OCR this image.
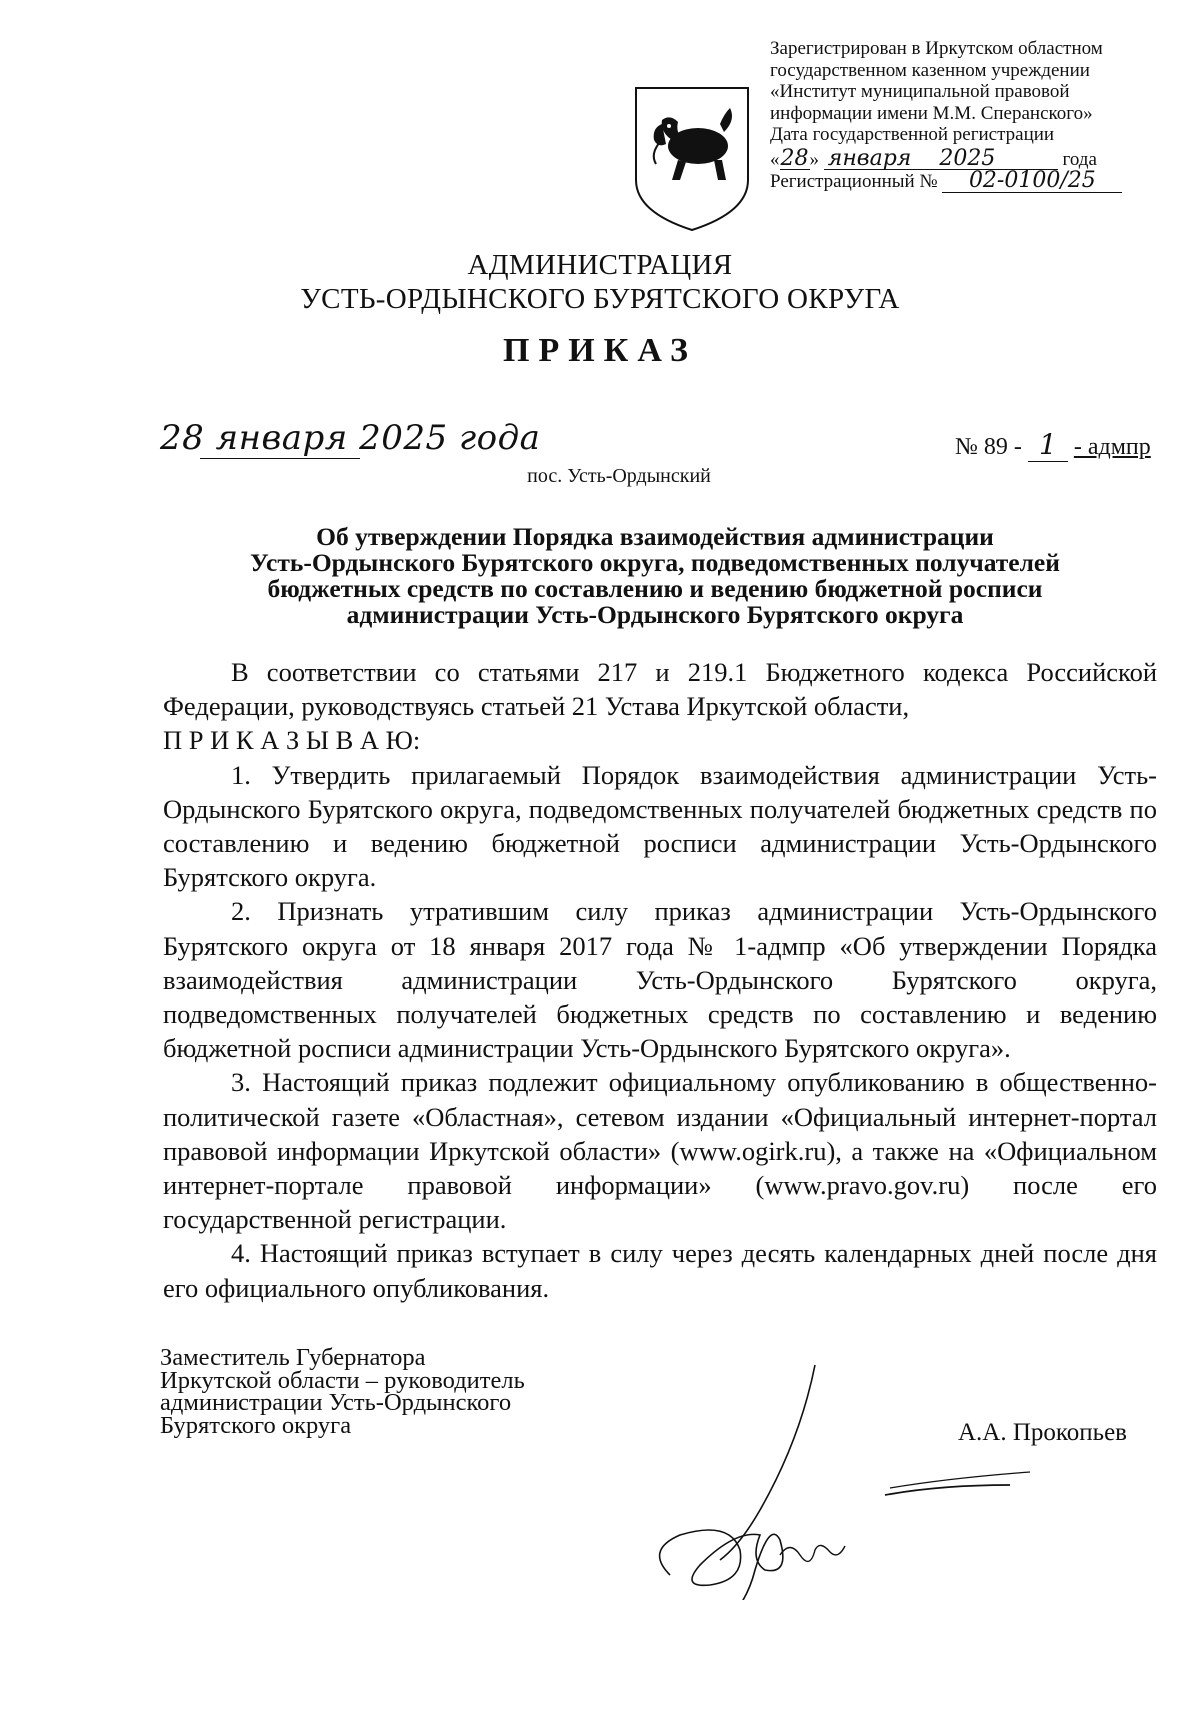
Зарегистрирован в Иркутском областном
государственном казенном учреждении
«Институт муниципальной правовой
информации имени М.М. Сперанского»
Дата государственной регистрации
«28» января 2025	года
Регистрационный № 02-0100/25
АДМИНИСТРАЦИЯ
УСТЬ-ОРДЫНСКОГО БУРЯТСКОГО ОКРУГА
ПРИКАЗ
28 января 2025 года	№ 89 - 1 - адмпр
пос. Усть-Ордынский
Об утверждении Порядка взаимодействия администрации
Усть-Ордынского Бурятского округа, подведомственных получателей
бюджетных средств по составлению и ведению бюджетной росписи
администрации Усть-Ордынского Бурятского округа

В соответствии со статьями 217 и 219.1 Бюджетного кодекса Российской Федерации, руководствуясь статьей 21 Устава Иркутской области,

П Р И К А З Ы В А Ю:

1. Утвердить прилагаемый Порядок взаимодействия администрации Усть-Ордынского Бурятского округа, подведомственных получателей бюджетных средств по составлению и ведению бюджетной росписи администрации Усть-Ордынского Бурятского округа.

2. Признать утратившим силу приказ администрации Усть-Ордынского Бурятского округа от 18 января 2017 года № 1-адмпр «Об утверждении Порядка взаимодействия администрации Усть-Ордынского Бурятского округа, подведомственных получателей бюджетных средств по составлению и ведению бюджетной росписи администрации Усть-Ордынского Бурятского округа».

3. Настоящий приказ подлежит официальному опубликованию в общественно-политической газете «Областная», сетевом издании «Официальный интернет-портал правовой информации Иркутской области» (www.ogirk.ru), а также на «Официальном интернет-портале правовой информации» (www.pravo.gov.ru) после его государственной регистрации.

4. Настоящий приказ вступает в силу через десять календарных дней после дня его официального опубликования.

Заместитель Губернатора
Иркутской области – руководитель
администрации Усть-Ордынского
Бурятского округа	А.А. Прокопьев
